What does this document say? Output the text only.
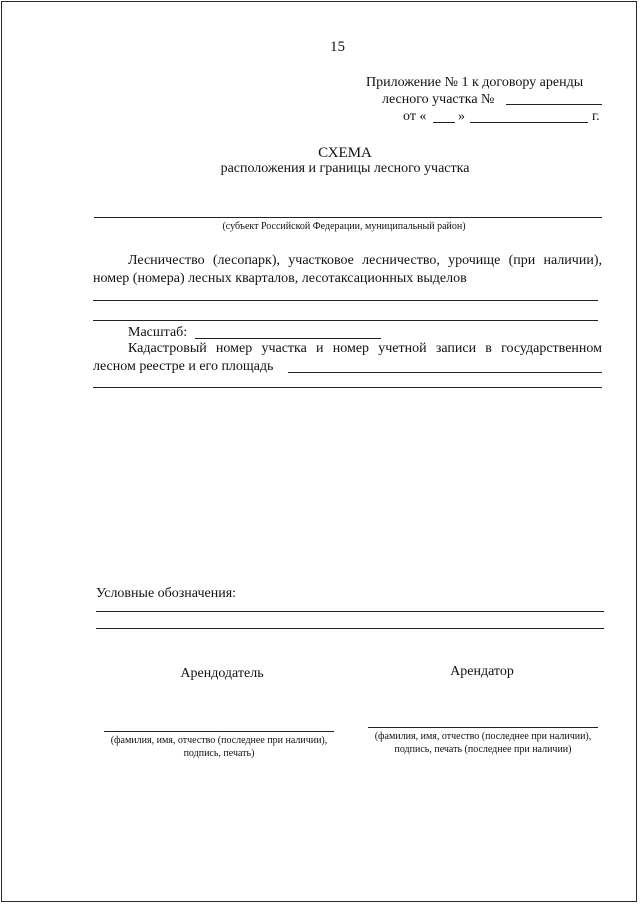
15
Приложение № 1 к договору аренды
лесного участка №
от « »	г.
СХЕМА
расположения и границы лесного участка
(субъект Российской Федерации, муниципальный район)
Лесничество (лесопарк), участковое лесничество, урочище (при наличии),
номер (номера) лесных кварталов, лесотаксационных выделов
Масштаб:
Кадастровый номер участка и номер учетной записи в государственном
лесном реестре и его площадь
Условные обозначения:
Арендодатель
(фамилия, имя, отчество (последнее при наличии),
подпись, печать)
Арендатор
(фамилия, имя, отчество (последнее при наличии),
подпись, печать (последнее при наличии)
